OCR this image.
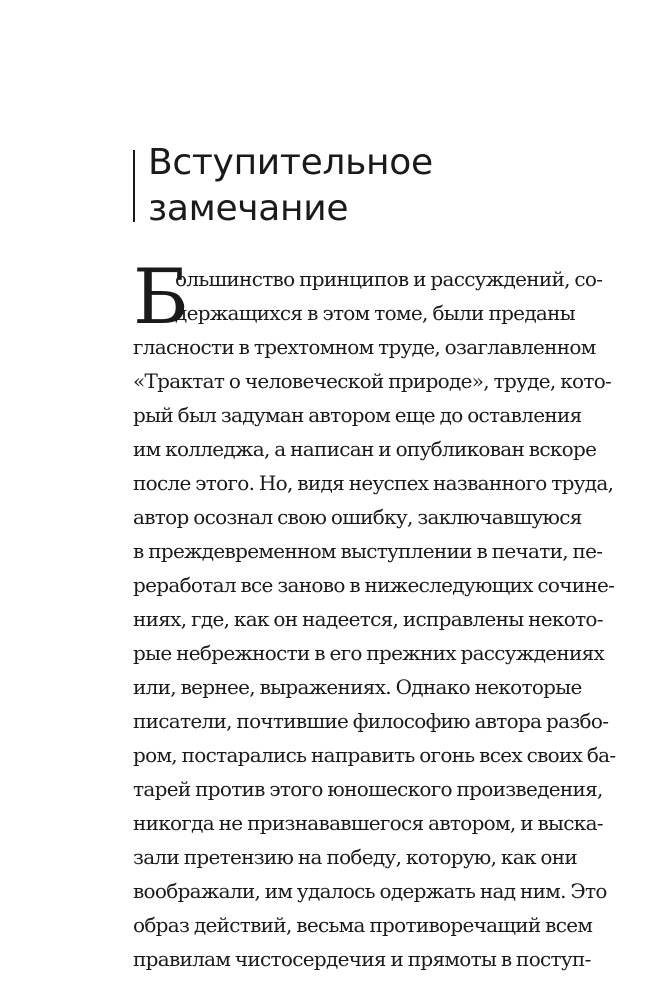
Вступительное
замечание
Б
ольшинство принципов и рассуждений, со-
держащихся в этом томе, были преданы
гласности в трехтомном труде, озаглавленном
«Трактат о человеческой природе», труде, кото-
рый был задуман автором еще до оставления
им колледжа, а написан и опубликован вскоре
после этого. Но, видя неуспех названного труда,
автор осознал свою ошибку, заключавшуюся
в преждевременном выступлении в печати, пе-
реработал все заново в нижеследующих сочине-
ниях, где, как он надеется, исправлены некото-
рые небрежности в его прежних рассуждениях
или, вернее, выражениях. Однако некоторые
писатели, почтившие философию автора разбо-
ром, постарались направить огонь всех своих ба-
тарей против этого юношеского произведения,
никогда не признававшегося автором, и выска-
зали претензию на победу, которую, как они
воображали, им удалось одержать над ним. Это
образ действий, весьма противоречащий всем
правилам чистосердечия и прямоты в поступ-
